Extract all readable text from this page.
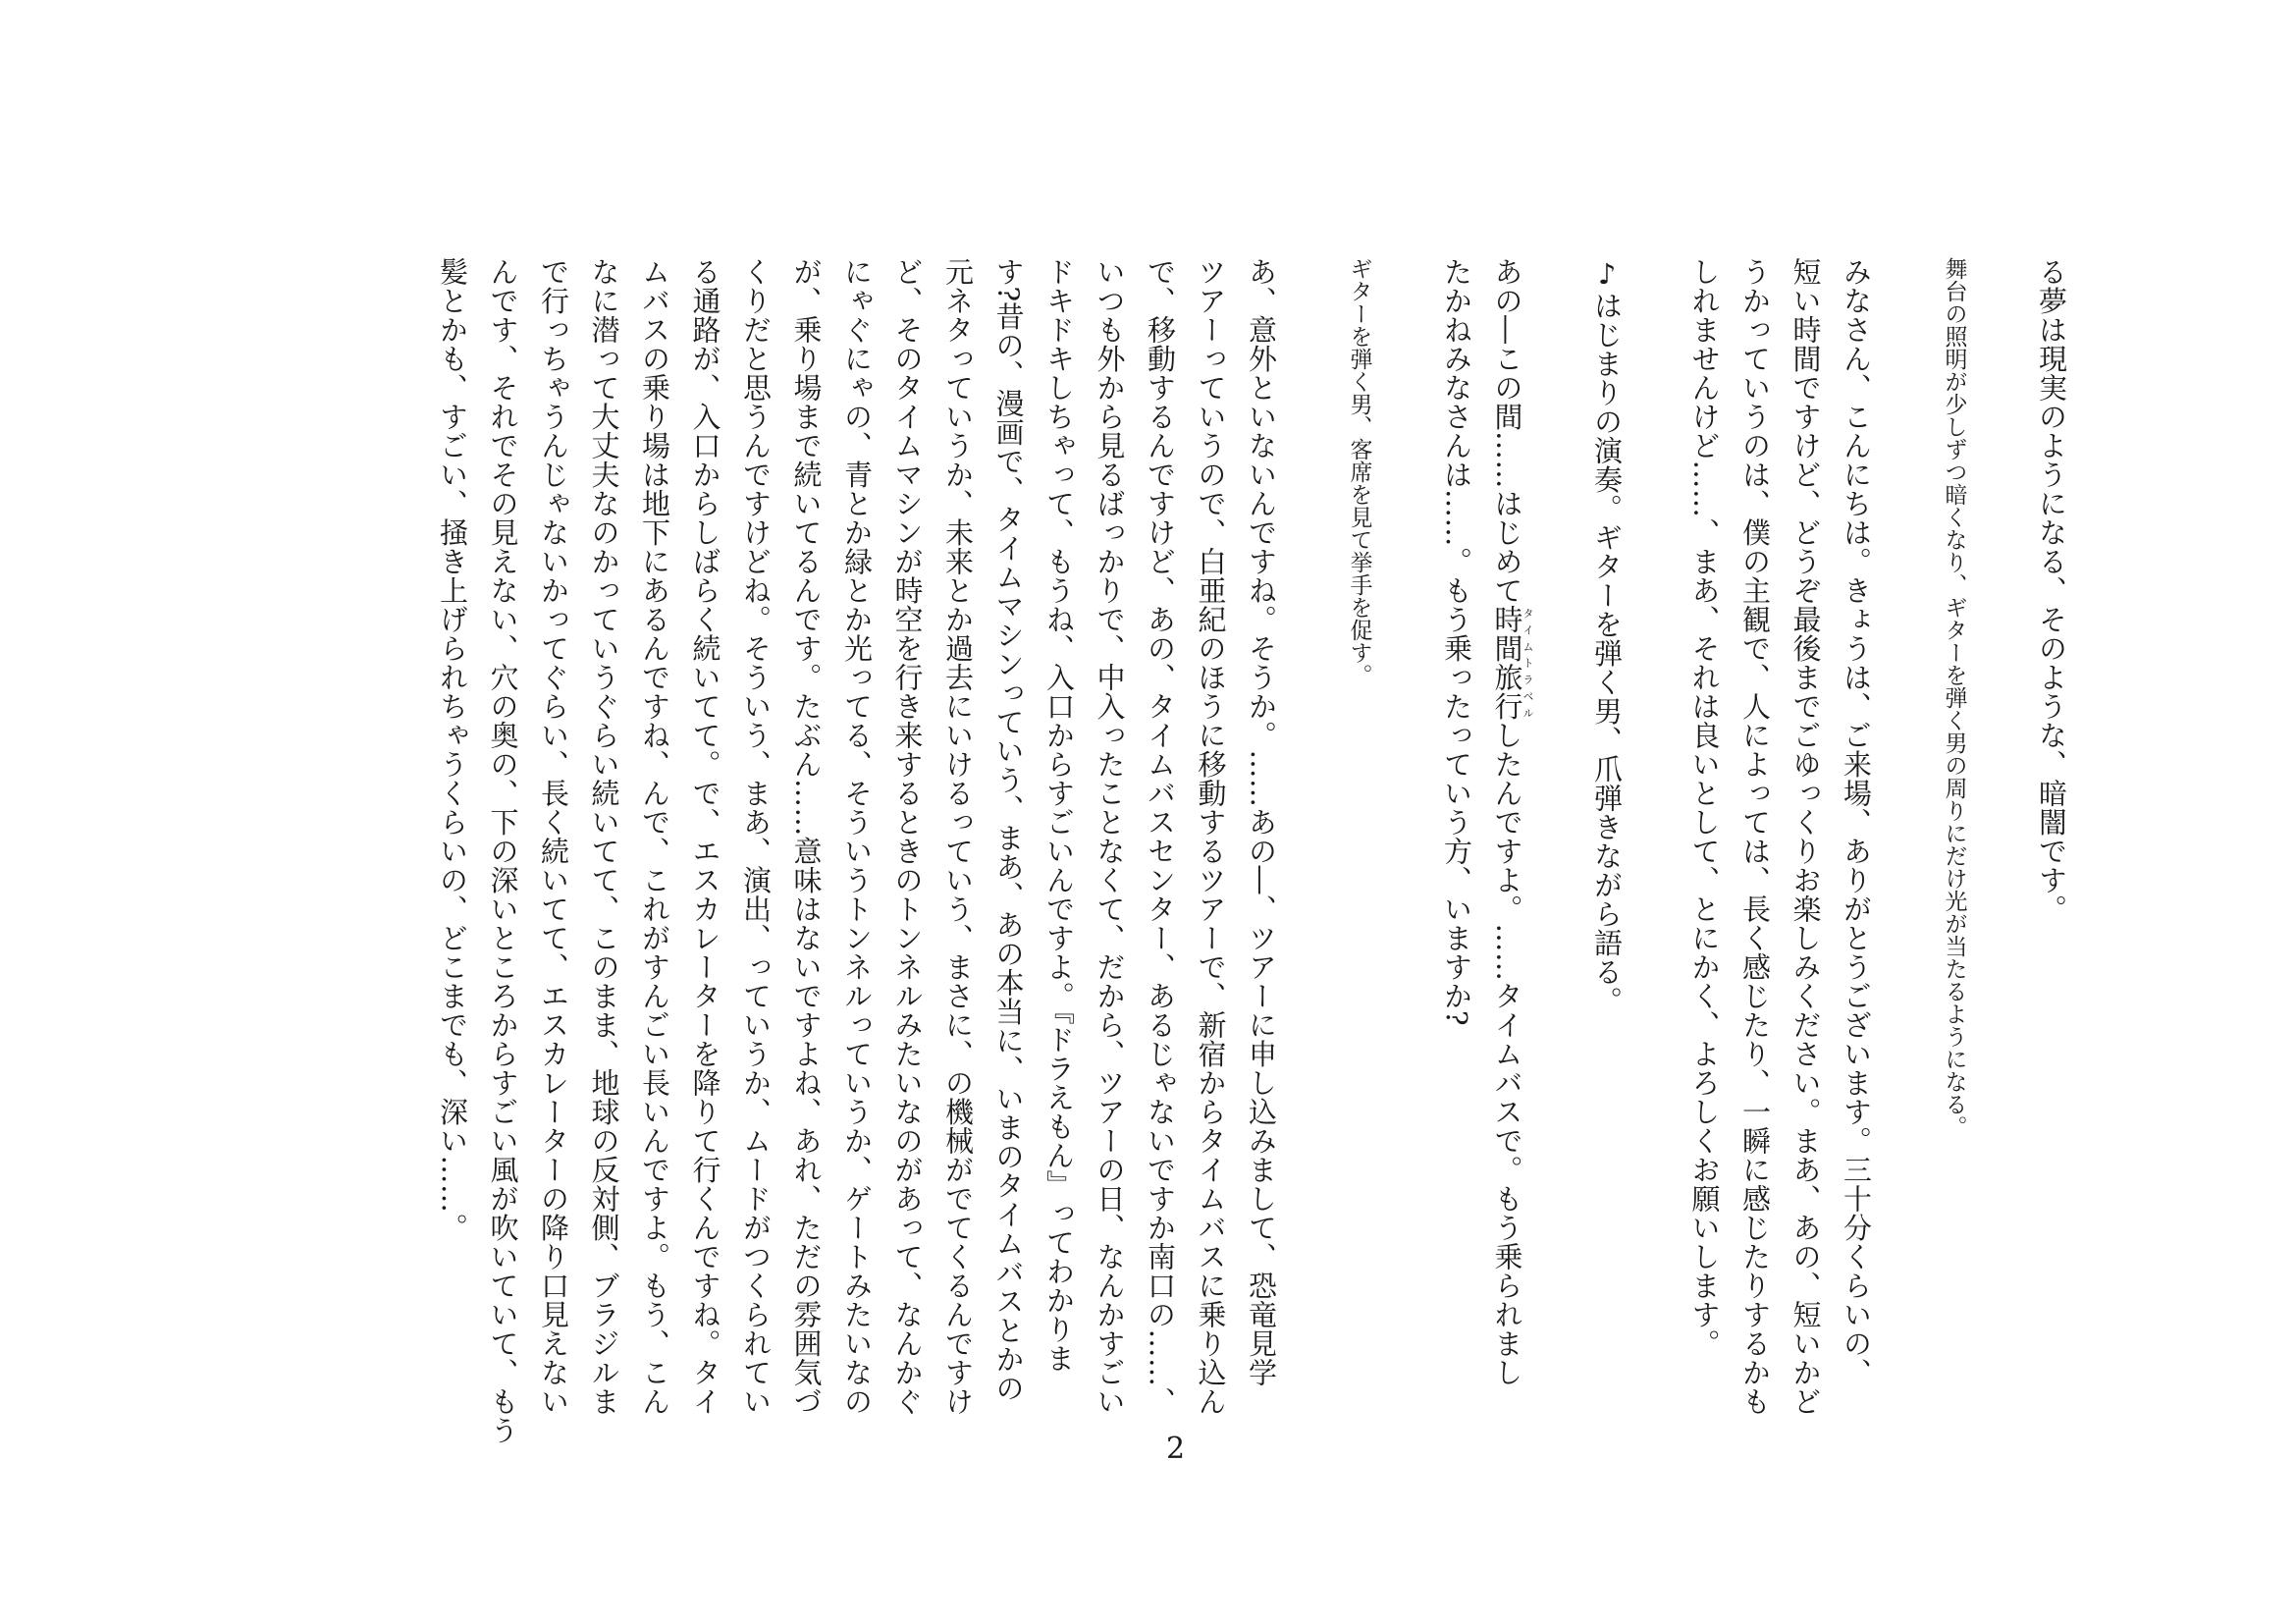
る夢は現実のようになる、そのような、暗闇です。
舞台の照明が少しずつ暗くなり、ギターを弾く男の周りにだけ光が当たるようになる。
みなさん、こんにちは。きょうは、ご来場、ありがとうございます。三十分くらいの、
短い時間ですけど、どうぞ最後までごゆっくりお楽しみください。まあ、あの、短いかど
うかっていうのは、僕の主観で、人によっては、長く感じたり、一瞬に感じたりするかも
しれませんけど……、まあ、それは良いとして、とにかく、よろしくお願いします。
♪はじまりの演奏。ギターを弾く男、爪弾きながら語る。
あの―この間……はじめて時間旅行タイムトラベルしたんですよ。……タイムバスで。もう乗られまし
たかねみなさんは……。もう乗ったっていう方、いますか?
ギターを弾く男、客席を見て挙手を促す。
あ、意外といないんですね。そうか。……あの―、ツアーに申し込みまして、恐竜見学
ツアーっていうので、白亜紀のほうに移動するツアーで、新宿からタイムバスに乗り込ん
で、移動するんですけど、あの、タイムバスセンター、あるじゃないですか南口の……、
いつも外から見るばっかりで、中入ったことなくて、だから、ツアーの日、なんかすごい
ドキドキしちゃって、もうね、入口からすごいんですよ。『ドラえもん』ってわかりま
す?昔の、漫画で、タイムマシンっていう、まあ、あの本当に、いまのタイムバスとかの
元ネタっていうか、未来とか過去にいけるっていう、まさに、の機械がでてくるんですけ
ど、そのタイムマシンが時空を行き来するときのトンネルみたいなのがあって、なんかぐ
にゃぐにゃの、青とか緑とか光ってる、そういうトンネルっていうか、ゲートみたいなの
が、乗り場まで続いてるんです。たぶん……意味はないですよね、あれ、ただの雰囲気づ
くりだと思うんですけどね。そういう、まあ、演出、っていうか、ムードがつくられてい
る通路が、入口からしばらく続いてて。で、エスカレーターを降りて行くんですね。タイ
ムバスの乗り場は地下にあるんですね、んで、これがすんごい長いんですよ。もう、こん
なに潜って大丈夫なのかっていうぐらい続いてて、このまま、地球の反対側、ブラジルま
で行っちゃうんじゃないかってぐらい、長く続いてて、エスカレーターの降り口見えない
んです、それでその見えない、穴の奥の、下の深いところからすごい風が吹いていて、もう
髪とかも、すごい、掻き上げられちゃうくらいの、どこまでも、深い……。
2
